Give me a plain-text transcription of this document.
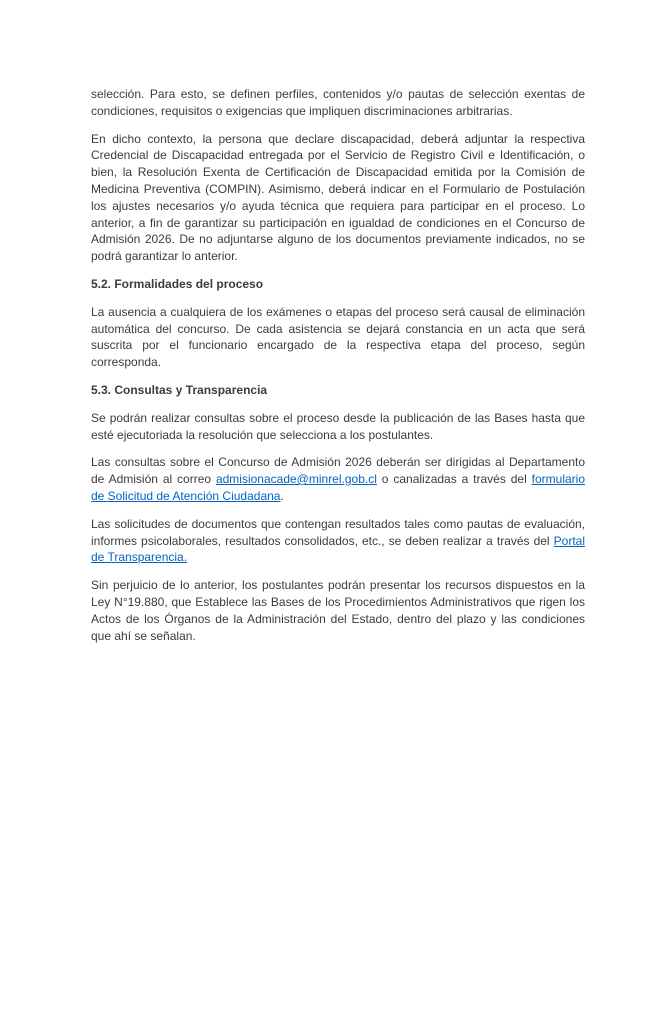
selección. Para esto, se definen perfiles, contenidos y/o pautas de selección exentas de condiciones, requisitos o exigencias que impliquen discriminaciones arbitrarias.

En dicho contexto, la persona que declare discapacidad, deberá adjuntar la respectiva Credencial de Discapacidad entregada por el Servicio de Registro Civil e Identificación, o bien, la Resolución Exenta de Certificación de Discapacidad emitida por la Comisión de Medicina Preventiva (COMPIN). Asimismo, deberá indicar en el Formulario de Postulación los ajustes necesarios y/o ayuda técnica que requiera para participar en el proceso. Lo anterior, a fin de garantizar su participación en igualdad de condiciones en el Concurso de Admisión 2026. De no adjuntarse alguno de los documentos previamente indicados, no se podrá garantizar lo anterior.

5.2. Formalidades del proceso

La ausencia a cualquiera de los exámenes o etapas del proceso será causal de eliminación automática del concurso. De cada asistencia se dejará constancia en un acta que será suscrita por el funcionario encargado de la respectiva etapa del proceso, según corresponda.

5.3. Consultas y Transparencia

Se podrán realizar consultas sobre el proceso desde la publicación de las Bases hasta que esté ejecutoriada la resolución que selecciona a los postulantes.

Las consultas sobre el Concurso de Admisión 2026 deberán ser dirigidas al Departamento de Admisión al correo admisionacade@minrel.gob.cl o canalizadas a través del formulario de Solicitud de Atención Ciudadana.

Las solicitudes de documentos que contengan resultados tales como pautas de evaluación, informes psicolaborales, resultados consolidados, etc., se deben realizar a través del Portal de Transparencia.

Sin perjuicio de lo anterior, los postulantes podrán presentar los recursos dispuestos en la Ley N°19.880, que Establece las Bases de los Procedimientos Administrativos que rigen los Actos de los Órganos de la Administración del Estado, dentro del plazo y las condiciones que ahí se señalan.
